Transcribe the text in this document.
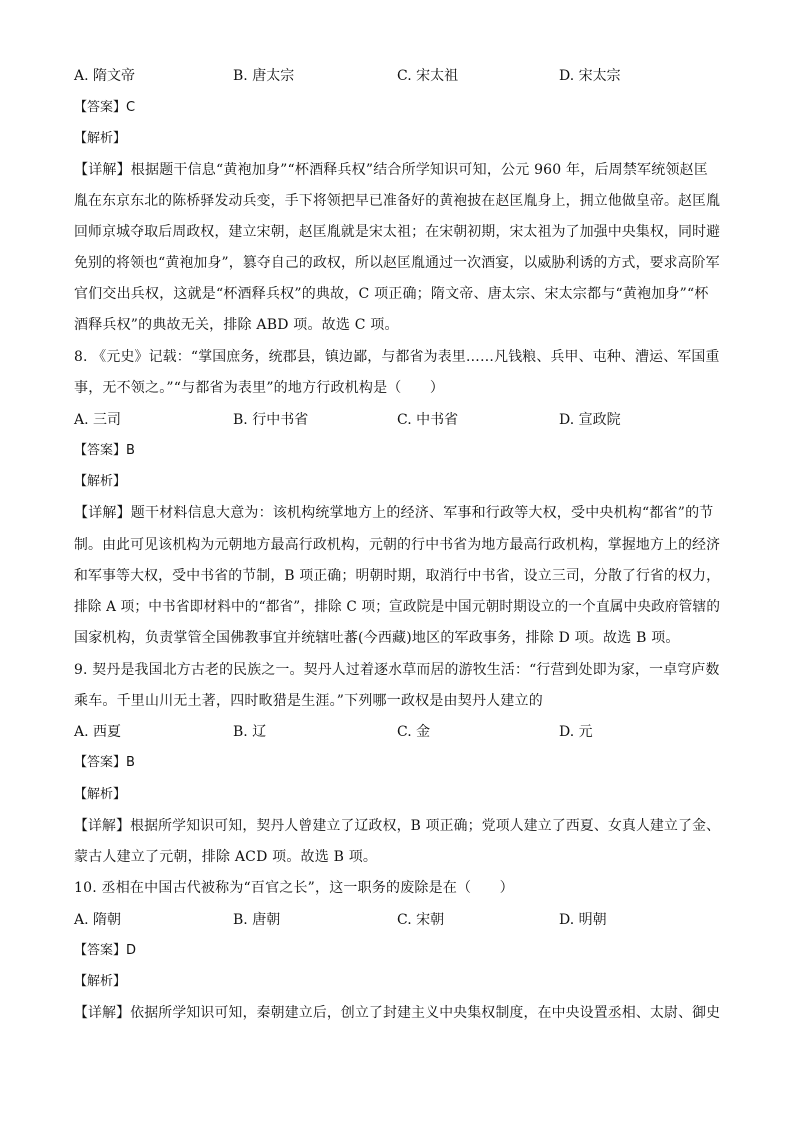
A. 隋文帝	B. 唐太宗	C. 宋太祖	D. 宋太宗
【答案】C
【解析】
【详解】根据题干信息“黄袍加身”“杯酒释兵权”结合所学知识可知，公元 960 年，后周禁军统领赵匡
胤在东京东北的陈桥驿发动兵变，手下将领把早已准备好的黄袍披在赵匡胤身上，拥立他做皇帝。赵匡胤
回师京城夺取后周政权，建立宋朝，赵匡胤就是宋太祖；在宋朝初期，宋太祖为了加强中央集权，同时避
免别的将领也“黄袍加身”，篡夺自己的政权，所以赵匡胤通过一次酒宴，以威胁利诱的方式，要求高阶军
官们交出兵权，这就是“杯酒释兵权”的典故，C 项正确；隋文帝、唐太宗、宋太宗都与“黄袍加身”“杯
酒释兵权”的典故无关，排除 ABD 项。故选 C 项。
8. 《元史》记载：“掌国庶务，统郡县，镇边鄙，与都省为表里……凡钱粮、兵甲、屯种、漕运、军国重
事，无不领之。”“与都省为表里”的地方行政机构是（　　）
A. 三司	B. 行中书省	C. 中书省	D. 宣政院
【答案】B
【解析】
【详解】题干材料信息大意为：该机构统掌地方上的经济、军事和行政等大权，受中央机构“都省”的节
制。由此可见该机构为元朝地方最高行政机构，元朝的行中书省为地方最高行政机构，掌握地方上的经济
和军事等大权，受中书省的节制，B 项正确；明朝时期，取消行中书省，设立三司，分散了行省的权力，
排除 A 项；中书省即材料中的“都省”，排除 C 项；宣政院是中国元朝时期设立的一个直属中央政府管辖的
国家机构，负责掌管全国佛教事宜并统辖吐蕃(今西藏)地区的军政事务，排除 D 项。故选 B 项。
9. 契丹是我国北方古老的民族之一。契丹人过着逐水草而居的游牧生活：“行营到处即为家，一卓穹庐数
乘车。千里山川无土著，四时畋猎是生涯。”下列哪一政权是由契丹人建立的
A. 西夏	B. 辽	C. 金	D. 元
【答案】B
【解析】
【详解】根据所学知识可知，契丹人曾建立了辽政权，B 项正确；党项人建立了西夏、女真人建立了金、
蒙古人建立了元朝，排除 ACD 项。故选 B 项。
10. 丞相在中国古代被称为“百官之长”，这一职务的废除是在（　　）
A. 隋朝	B. 唐朝	C. 宋朝	D. 明朝
【答案】D
【解析】
【详解】依据所学知识可知，秦朝建立后，创立了封建主义中央集权制度，在中央设置丞相、太尉、御史
